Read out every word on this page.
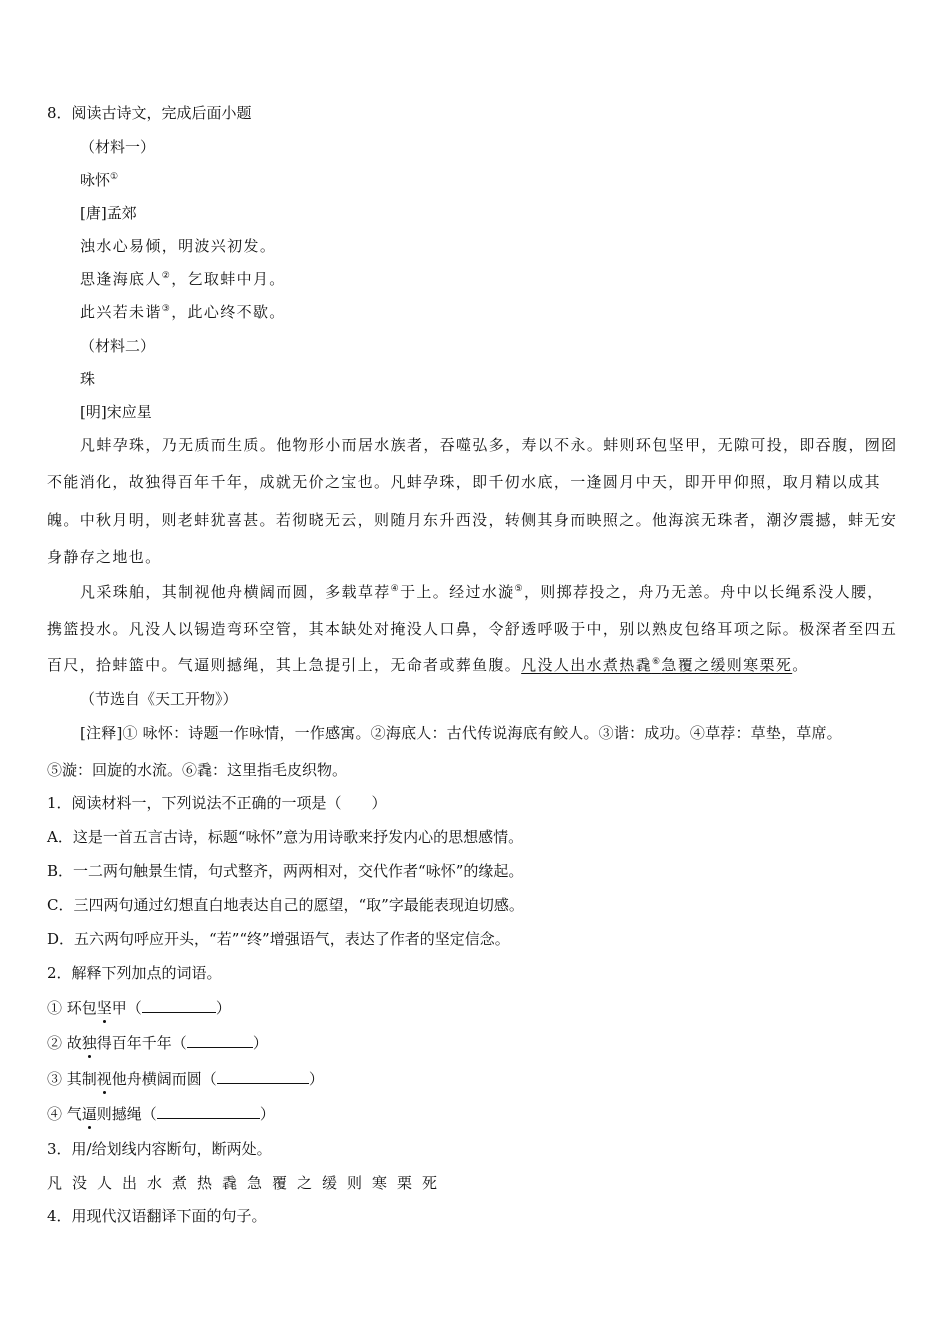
8．阅读古诗文，完成后面小题
（材料一）
咏怀①
[唐]孟郊
浊水心易倾，明波兴初发。
思逢海底人②，乞取蚌中月。
此兴若未谐③，此心终不歇。
（材料二）
珠
[明]宋应星
凡蚌孕珠，乃无质而生质。他物形小而居水族者，吞噬弘多，寿以不永。蚌则环包坚甲，无隙可投，即吞腹，囫囵
不能消化，故独得百年千年，成就无价之宝也。凡蚌孕珠，即千仞水底，一逢圆月中天，即开甲仰照，取月精以成其
魄。中秋月明，则老蚌犹喜甚。若彻晓无云，则随月东升西没，转侧其身而映照之。他海滨无珠者，潮汐震撼，蚌无安
身静存之地也。
凡采珠舶，其制视他舟横阔而圆，多载草荐④于上。经过水漩⑤，则掷荐投之，舟乃无恙。舟中以长绳系没人腰，
携篮投水。凡没人以锡造弯环空管，其本缺处对掩没人口鼻，令舒透呼吸于中，别以熟皮包络耳项之际。极深者至四五
百尺，拾蚌篮中。气逼则撼绳，其上急提引上，无命者或葬鱼腹。凡没人出水煮热毳⑥急覆之缓则寒栗死。
（节选自《天工开物》）
[注释]① 咏怀：诗题一作咏情，一作感寓。②海底人：古代传说海底有鲛人。③谐：成功。④草荐：草垫，草席。
⑤漩：回旋的水流。⑥毳：这里指毛皮织物。
1．阅读材料一，下列说法不正确的一项是（　　）
A．这是一首五言古诗，标题“咏怀”意为用诗歌来抒发内心的思想感情。
B．一二两句触景生情，句式整齐，两两相对，交代作者“咏怀”的缘起。
C．三四两句通过幻想直白地表达自己的愿望，“取”字最能表现迫切感。
D．五六两句呼应开头，“若”“终”增强语气，表达了作者的坚定信念。
2．解释下列加点的词语。
① 环包坚
甲（	）
② 故独
得百年千年（	）
③ 其制视
他舟横阔而圆（	）
④ 气逼
则撼绳（	）
3．用/给划线内容断句，断两处。
凡 没 人 出 水 煮 热 毳 急 覆 之 缓 则 寒 栗 死
4．用现代汉语翻译下面的句子。
